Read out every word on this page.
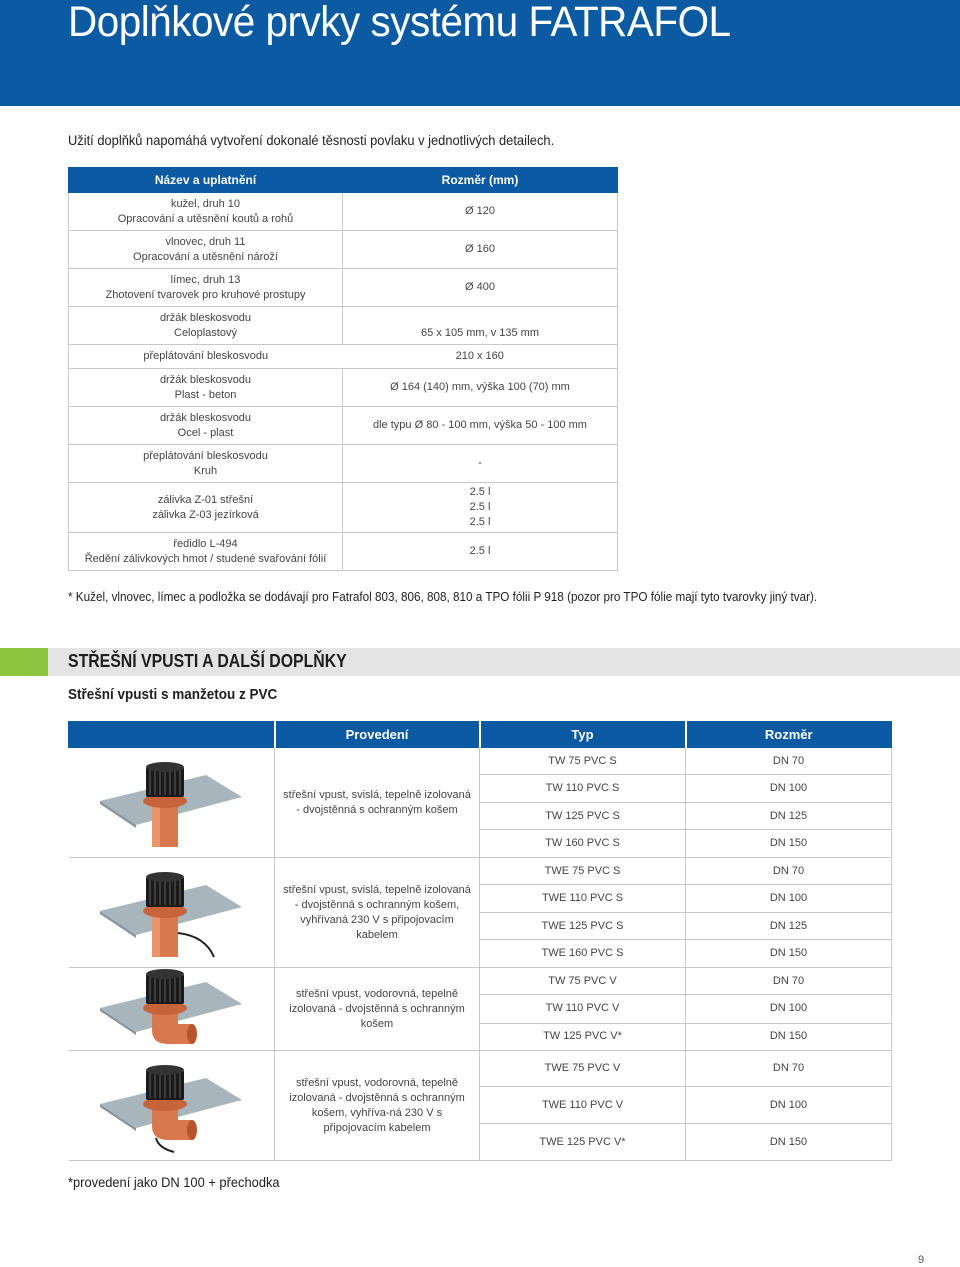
Doplňkové prvky systému FATRAFOL
Užití doplňků napomáhá vytvoření dokonalé těsnosti povlaku v jednotlivých detailech.
Název a uplatnění	Rozměr (mm)
kužel, druh 10
Opracování a utěsnění koutů a rohů	Ø 120
vlnovec, druh 11
Opracování a utěsnění nároží	Ø 160
límec, druh 13
Zhotovení tvarovek pro kruhové prostupy	Ø 400
držák bleskosvodu
Celoplastový	65 x 105 mm, v 135 mm
přeplátování bleskosvodu	210 x 160
držák bleskosvodu
Plast - beton	Ø 164 (140) mm, výška 100 (70) mm
držák bleskosvodu
Ocel - plast	dle typu Ø 80 - 100 mm, výška 50 - 100 mm
přeplátování bleskosvodu
Kruh	-
zálivka Z-01 střešní
zálivka Z-03 jezírková	2.5 l
2.5 l
2.5 l
ředidlo L-494
Ředění zálivkových hmot / studené svařování fólií	2.5 l
* Kužel, vlnovec, límec a podložka se dodávají pro Fatrafol 803, 806, 808, 810 a TPO fólii P 918 (pozor pro TPO fólie mají tyto tvarovky jiný tvar).
STŘEŠNÍ VPUSTI A DALŠÍ DOPLŇKY
Střešní vpusti s manžetou z PVC
	Provedení	Typ	Rozměr

	střešní vpust, svislá, tepelně izolovaná - dvojstěnná s ochranným košem	TW 75 PVC S	DN 70
		TW 110 PVC S	DN 100
		TW 125 PVC S	DN 125
		TW 160 PVC S	DN 150

	střešní vpust, svislá, tepelně izolovaná - dvojstěnná s ochranným košem, vyhřívaná 230 V s připojovacím kabelem	TWE 75 PVC S	DN 70
		TWE 110 PVC S	DN 100
		TWE 125 PVC S	DN 125
		TWE 160 PVC S	DN 150

	střešní vpust, vodorovná, tepelně izolovaná - dvojstěnná s ochranným košem	TW 75 PVC V	DN 70
		TW 110 PVC V	DN 100
		TW 125 PVC V*	DN 150

	střešní vpust, vodorovná, tepelně izolovaná - dvojstěnná s ochranným košem, vyhříva-ná 230 V s připojovacím kabelem	TWE 75 PVC V	DN 70
		TWE 110 PVC V	DN 100
		TWE 125 PVC V*	DN 150
*provedení jako DN 100 + přechodka
9
